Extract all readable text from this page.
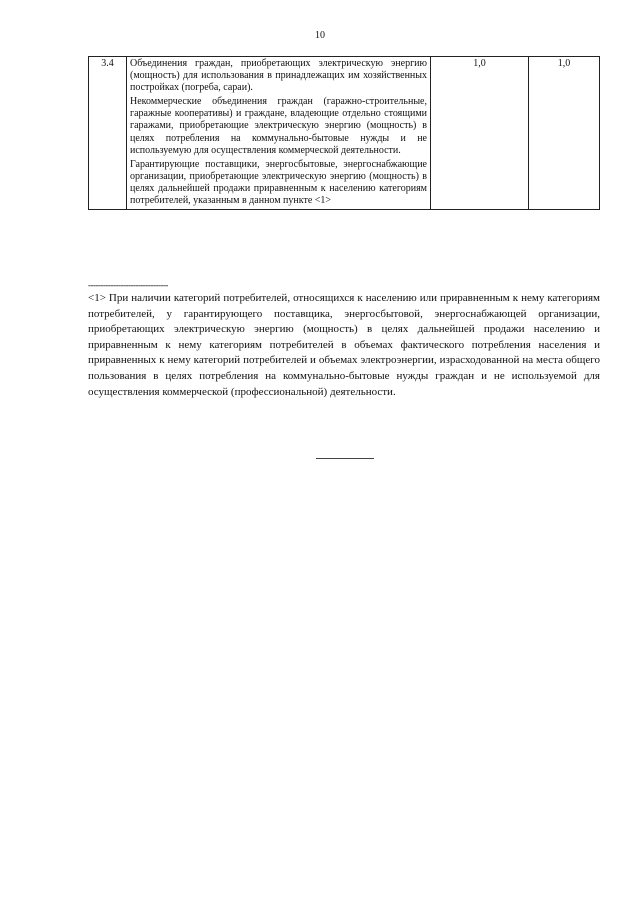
10
3.4	Объединения граждан, приобретающих электрическую энергию (мощность) для использования в принадлежащих им хозяйственных постройках (погреба, сараи).
Некоммерческие объединения граждан (гаражно-строительные, гаражные кооперативы) и граждане, владеющие отдельно стоящими гаражами, приобретающие электрическую энергию (мощность) в целях потребления на коммунально-бытовые нужды и не используемую для осуществления коммерческой деятельности.
Гарантирующие поставщики, энергосбытовые, энергоснабжающие организации, приобретающие электрическую энергию (мощность) в целях дальнейшей продажи приравненным к населению категориям потребителей, указанным в данном пункте <1>
	1,0	1,0
--------------------------------
<1> При наличии категорий потребителей, относящихся к населению или приравненным к нему категориям потребителей, у гарантирующего поставщика, энергосбытовой, энергоснабжающей организации, приобретающих электрическую энергию (мощность) в целях дальнейшей продажи населению и приравненным к нему категориям потребителей в объемах фактического потребления населения и приравненных к нему категорий потребителей и объемах электроэнергии, израсходованной на места общего пользования в целях потребления на коммунально-бытовые нужды граждан и не используемой для осуществления коммерческой (профессиональной) деятельности.
